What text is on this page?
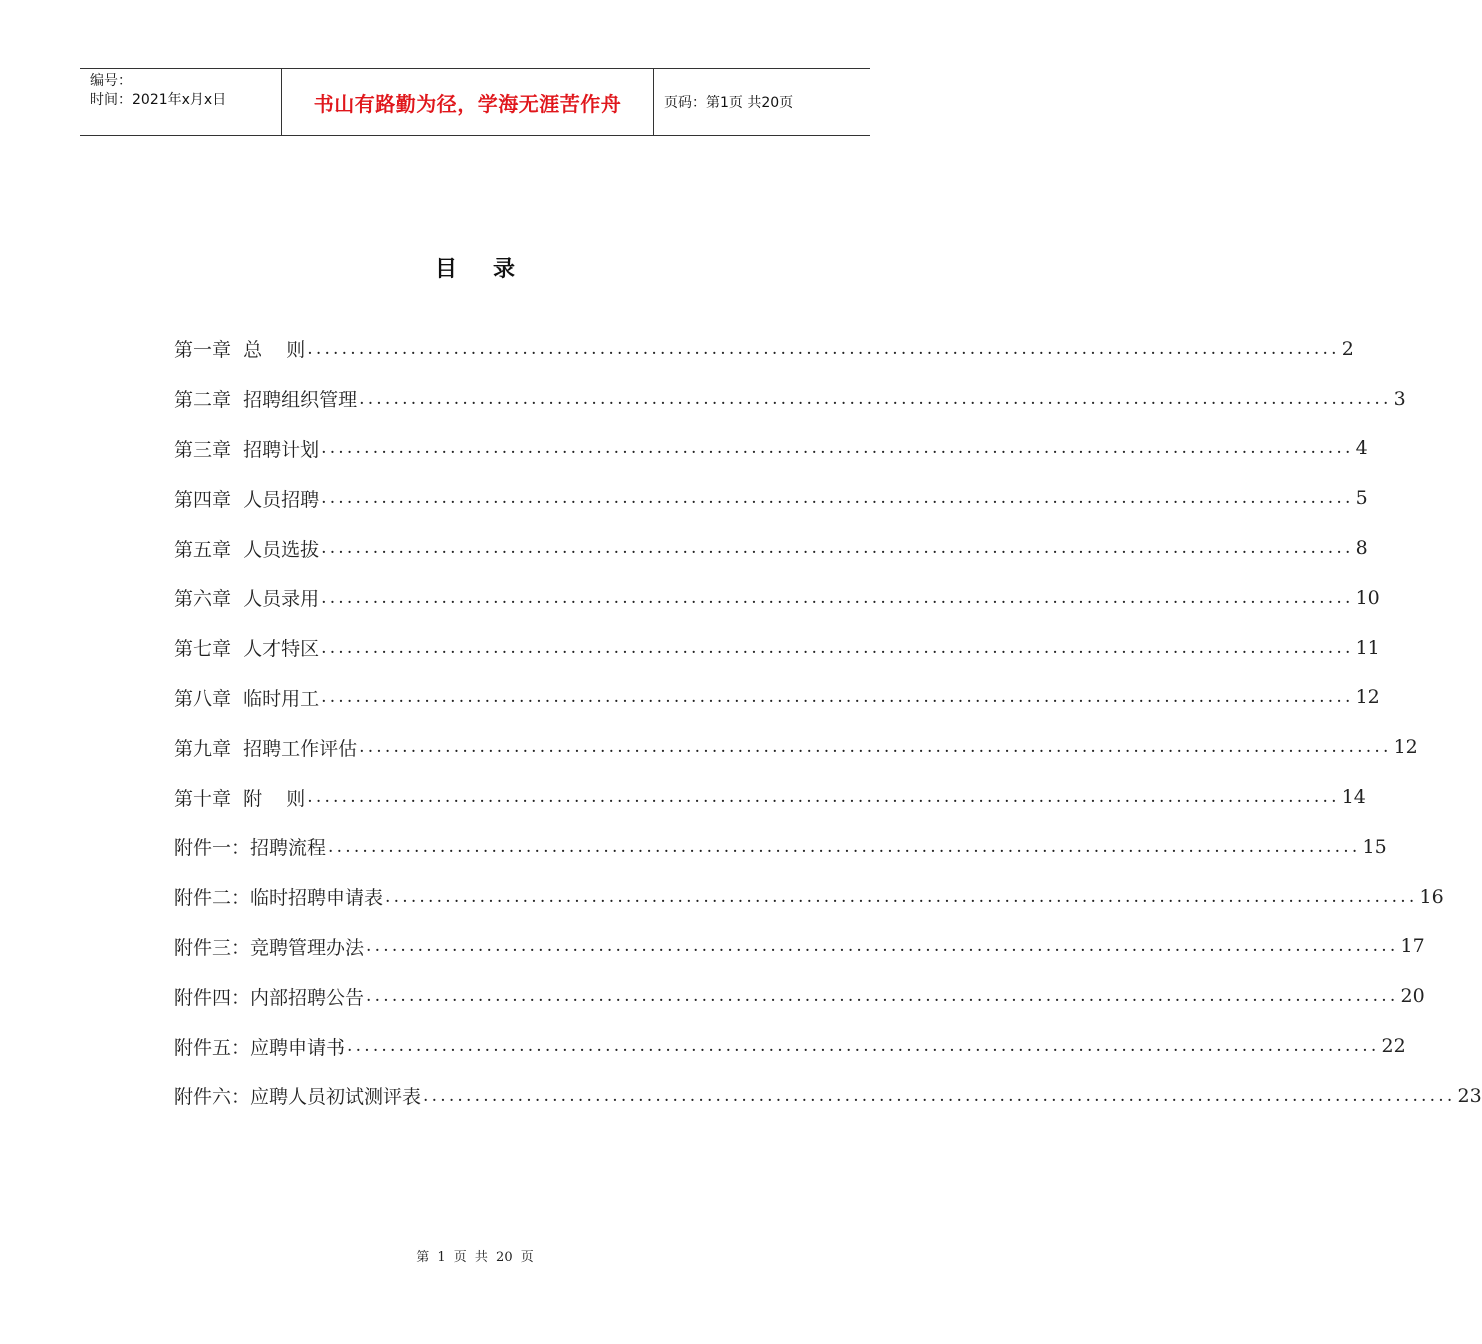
编号：
时间：2021年x月x日	书山有路勤为径，学海无涯苦作舟	页码：第1页 共20页
目录
第一章  总    则 ........................................................................................................................ 2
第二章  招聘组织管理 ........................................................................................................................ 3
第三章  招聘计划 ........................................................................................................................ 4
第四章  人员招聘 ........................................................................................................................ 5
第五章  人员选拔 ........................................................................................................................ 8
第六章  人员录用 ........................................................................................................................ 10
第七章  人才特区 ........................................................................................................................ 11
第八章  临时用工 ........................................................................................................................ 12
第九章  招聘工作评估 ........................................................................................................................ 12
第十章  附    则 ........................................................................................................................ 14
附件一：招聘流程 ........................................................................................................................ 15
附件二：临时招聘申请表 ........................................................................................................................ 16
附件三：竞聘管理办法 ........................................................................................................................ 17
附件四：内部招聘公告 ........................................................................................................................ 20
附件五：应聘申请书 ........................................................................................................................ 22
附件六：应聘人员初试测评表 ........................................................................................................................ 23
第 1 页 共 20 页
